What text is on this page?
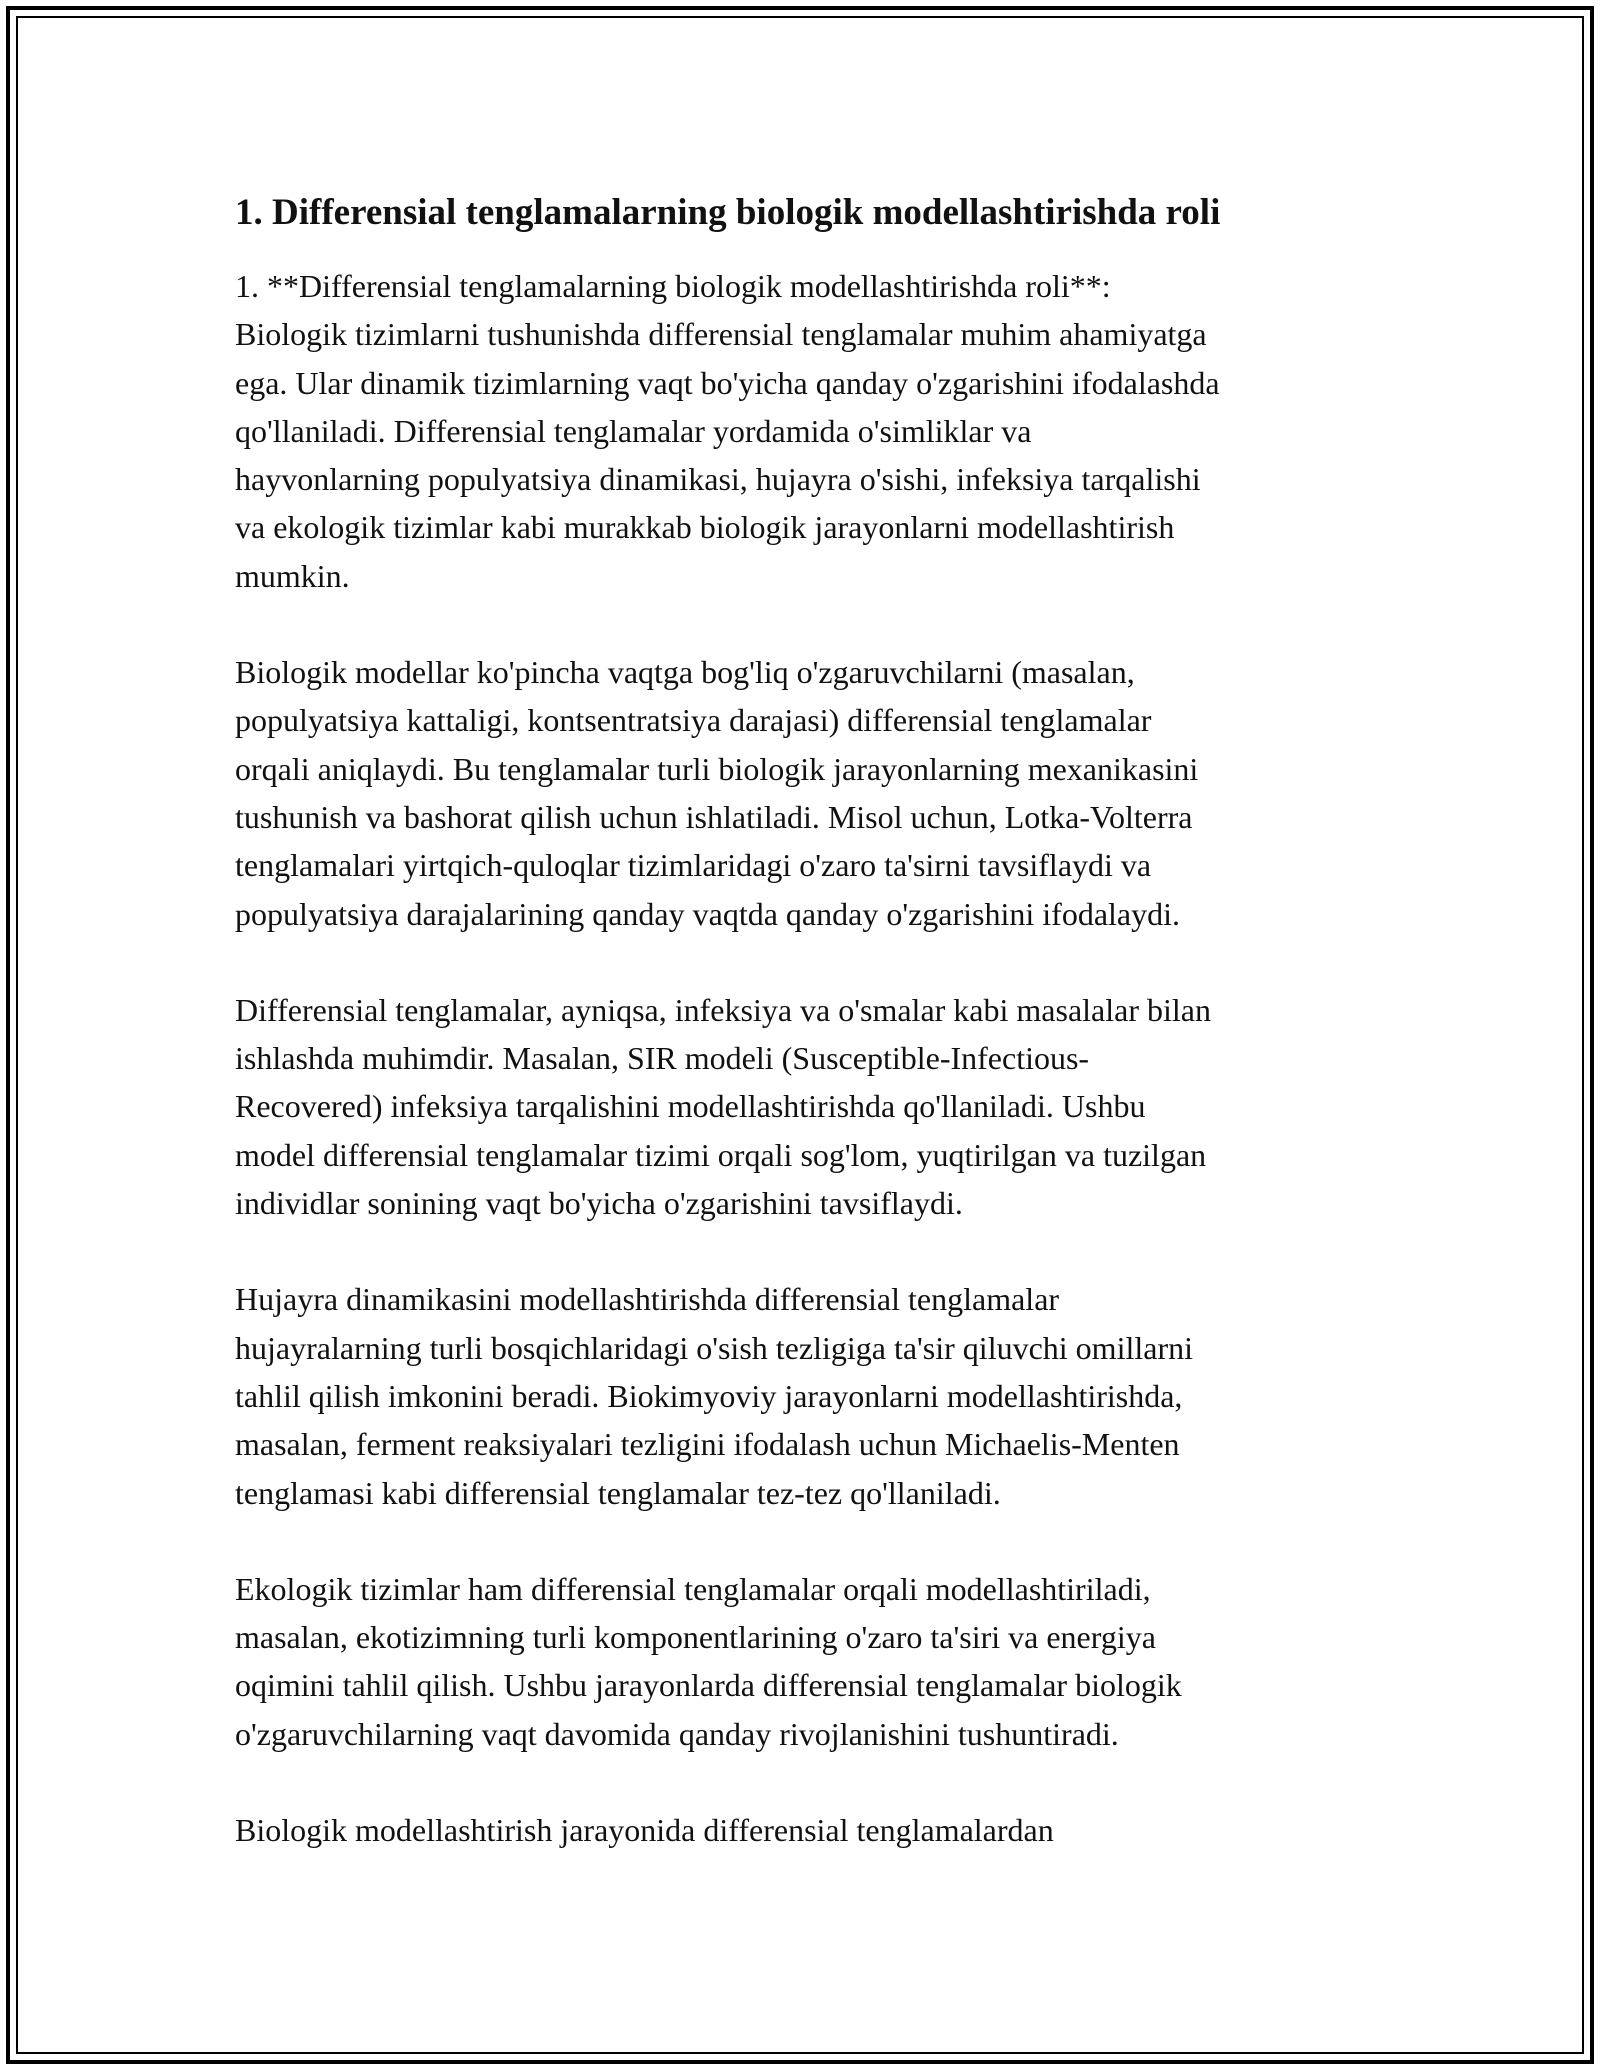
1. Differensial tenglamalarning biologik modellashtirishda roli

1. **Differensial tenglamalarning biologik modellashtirishda roli**:
Biologik tizimlarni tushunishda differensial tenglamalar muhim ahamiyatga
ega. Ular dinamik tizimlarning vaqt bo'yicha qanday o'zgarishini ifodalashda
qo'llaniladi. Differensial tenglamalar yordamida o'simliklar va
hayvonlarning populyatsiya dinamikasi, hujayra o'sishi, infeksiya tarqalishi
va ekologik tizimlar kabi murakkab biologik jarayonlarni modellashtirish
mumkin.

Biologik modellar ko'pincha vaqtga bog'liq o'zgaruvchilarni (masalan,
populyatsiya kattaligi, kontsentratsiya darajasi) differensial tenglamalar
orqali aniqlaydi. Bu tenglamalar turli biologik jarayonlarning mexanikasini
tushunish va bashorat qilish uchun ishlatiladi. Misol uchun, Lotka-Volterra
tenglamalari yirtqich-quloqlar tizimlaridagi o'zaro ta'sirni tavsiflaydi va
populyatsiya darajalarining qanday vaqtda qanday o'zgarishini ifodalaydi.

Differensial tenglamalar, ayniqsa, infeksiya va o'smalar kabi masalalar bilan
ishlashda muhimdir. Masalan, SIR modeli (Susceptible-Infectious-
Recovered) infeksiya tarqalishini modellashtirishda qo'llaniladi. Ushbu
model differensial tenglamalar tizimi orqali sog'lom, yuqtirilgan va tuzilgan
individlar sonining vaqt bo'yicha o'zgarishini tavsiflaydi.

Hujayra dinamikasini modellashtirishda differensial tenglamalar
hujayralarning turli bosqichlaridagi o'sish tezligiga ta'sir qiluvchi omillarni
tahlil qilish imkonini beradi. Biokimyoviy jarayonlarni modellashtirishda,
masalan, ferment reaksiyalari tezligini ifodalash uchun Michaelis-Menten
tenglamasi kabi differensial tenglamalar tez-tez qo'llaniladi.

Ekologik tizimlar ham differensial tenglamalar orqali modellashtiriladi,
masalan, ekotizimning turli komponentlarining o'zaro ta'siri va energiya
oqimini tahlil qilish. Ushbu jarayonlarda differensial tenglamalar biologik
o'zgaruvchilarning vaqt davomida qanday rivojlanishini tushuntiradi.

Biologik modellashtirish jarayonida differensial tenglamalardan
